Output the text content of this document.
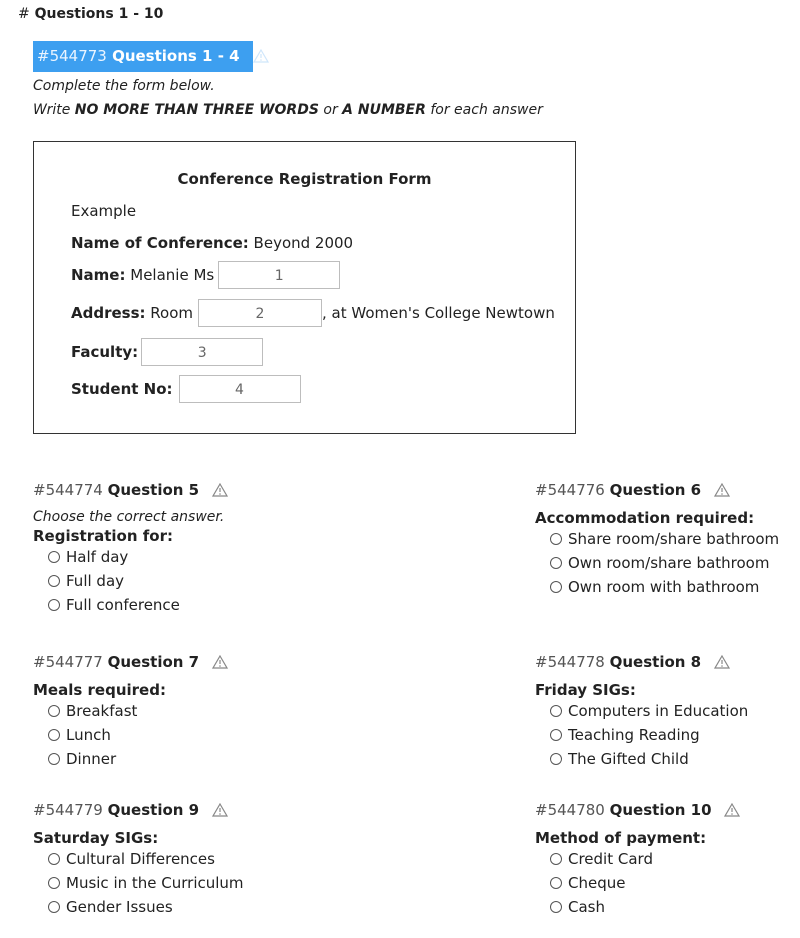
# Questions 1 - 10
#544773 Questions 1 - 4
Complete the form below.
Write NO MORE THAN THREE WORDS or A NUMBER for each answer
Conference Registration Form
Example
Name of Conference:
Beyond 2000
Name:
Melanie Ms	1
Address:
Room	2	, at Women's College Newtown
Faculty:	3
Student No:	4
#544774 Question 5
Choose the correct answer.
Registration for:
Half day
Full day
Full conference
#544776 Question 6
Accommodation required:
Share room/share bathroom
Own room/share bathroom
Own room with bathroom
#544777 Question 7
Meals required:
Breakfast
Lunch
Dinner
#544778 Question 8
Friday SIGs:
Computers in Education
Teaching Reading
The Gifted Child
#544779 Question 9
Saturday SIGs:
Cultural Differences
Music in the Curriculum
Gender Issues
#544780 Question 10
Method of payment:
Credit Card
Cheque
Cash
